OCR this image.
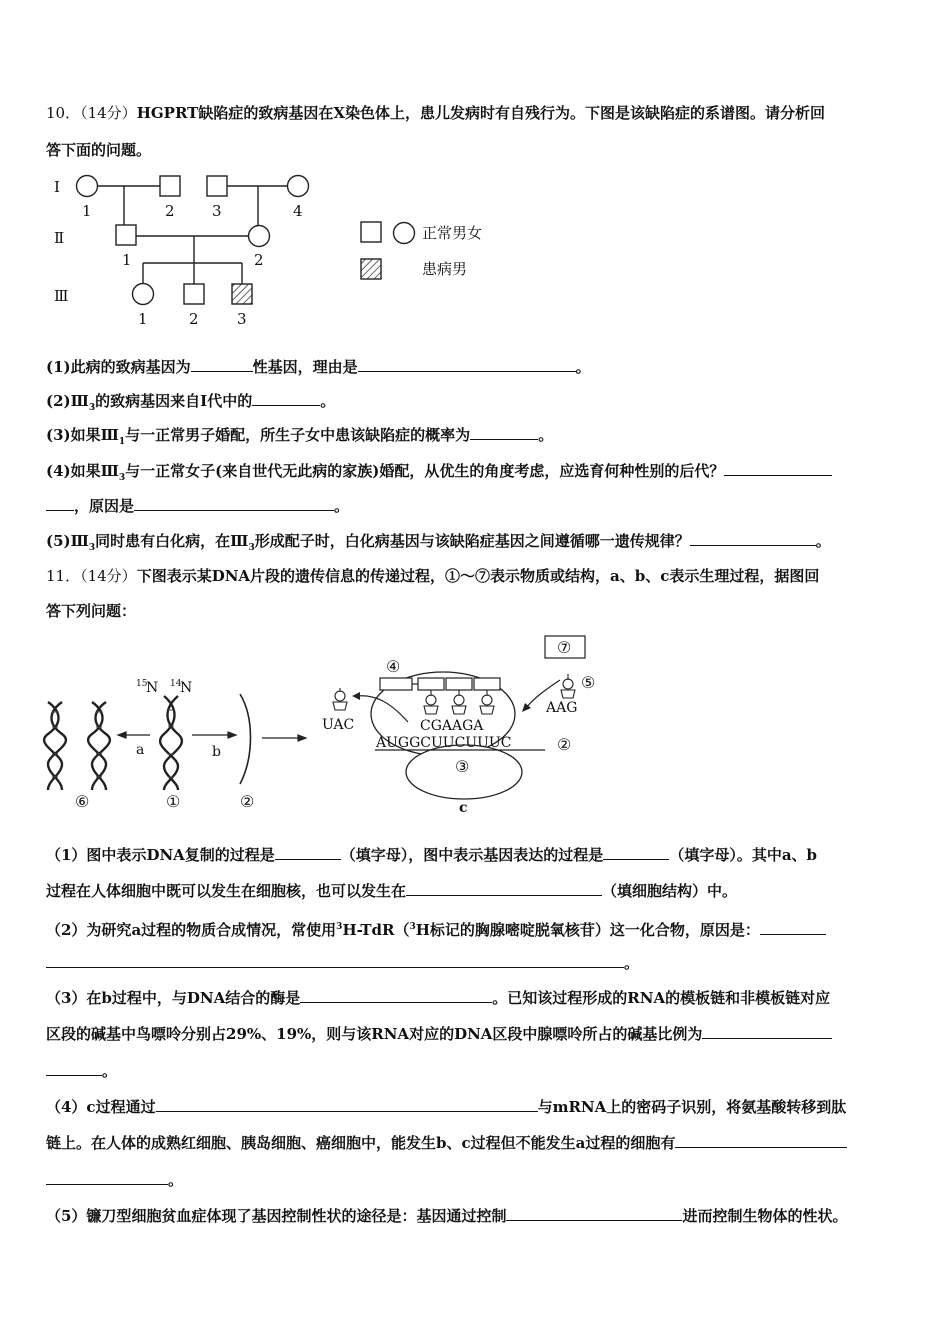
10．（14分）HGPRT缺陷症的致病基因在X染色体上，患儿发病时有自残行为。下图是该缺陷症的系谱图。请分析回
答下面的问题。
Ⅰ
Ⅱ
Ⅲ
1	2 3	4
1	2
1	2	3
正常男女
患病男
(1)此病的致病基因为	性基因，理由是	。
$(2)Ⅲ_3$的致病基因来自Ⅰ代中的	。
(3)如果$Ⅲ_1$与一正常男子婚配，所生子女中患该缺陷症的概率为	。
(4)如果$Ⅲ_3$与一正常女子(来自世代无此病的家族)婚配，从优生的角度考虑，应选育何种性别的后代？
，原因是	。
$(5)Ⅲ_3$同时患有白化病，在$Ⅲ_3$形成配子时，白化病基因与该缺陷症基因之间遵循哪一遗传规律？	。
11．（14分）下图表示某DNA片段的遗传信息的传递过程，①～⑦表示物质或结构，a、b、c表示生理过程，据图回
答下列问题：
15
N 14
N
a	b
c
⑥	①	②
②
③
④
⑤
⑦
UAC
AAG
CGAAGA
AUGGCUUCUUUC
（1）图中表示DNA复制的过程是	（填字母），图中表示基因表达的过程是	（填字母）。其中a、b
过程在人体细胞中既可以发生在细胞核，也可以发生在	（填细胞结构）中。
（2）为研究a过程的物质合成情况，常使用$^3$H-TdR（$^3$H标记的胸腺嘧啶脱氧核苷）这一化合物，原因是：
。
（3）在b过程中，与DNA结合的酶是	。已知该过程形成的RNA的模板链和非模板链对应
区段的碱基中鸟嘌呤分别占29%、19%，则与该RNA对应的DNA区段中腺嘌呤所占的碱基比例为
。
（4）c过程通过	与mRNA上的密码子识别，将氨基酸转移到肽
链上。在人体的成熟红细胞、胰岛细胞、癌细胞中，能发生b、c过程但不能发生a过程的细胞有
。
（5）镰刀型细胞贫血症体现了基因控制性状的途径是：基因通过控制	进而控制生物体的性状。
